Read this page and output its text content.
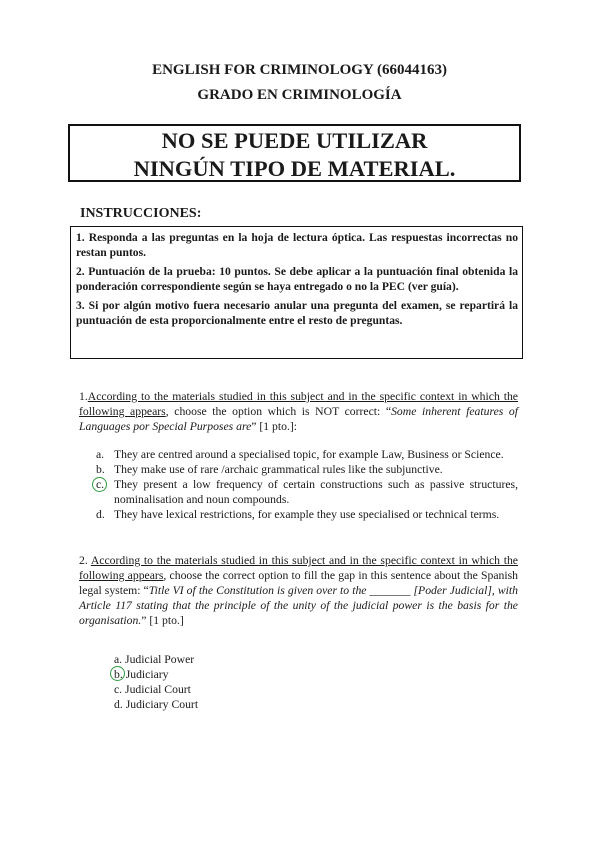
ENGLISH FOR CRIMINOLOGY (66044163)
GRADO EN CRIMINOLOGÍA
NO SE PUEDE UTILIZAR
NINGÚN TIPO DE MATERIAL.
INSTRUCCIONES:

1. Responda a las preguntas en la hoja de lectura óptica. Las respuestas incorrectas no restan puntos.

2. Puntuación de la prueba: 10 puntos. Se debe aplicar a la puntuación final obtenida la ponderación correspondiente según se haya entregado o no la PEC (ver guía).

3. Si por algún motivo fuera necesario anular una pregunta del examen, se repartirá la puntuación de esta proporcionalmente entre el resto de preguntas.

1.According to the materials studied in this subject and in the specific context in which the following appears, choose the option which is NOT correct: “Some inherent features of Languages por Special Purposes are” [1 pto.]:
a. They are centred around a specialised topic, for example Law, Business or Science.
b. They make use of rare /archaic grammatical rules like the subjunctive.
c. They present a low frequency of certain constructions such as passive structures, nominalisation and noun compounds.
d. They have lexical restrictions, for example they use specialised or technical terms.
2. According to the materials studied in this subject and in the specific context in which the following appears, choose the correct option to fill the gap in this sentence about the Spanish legal system: “Title VI of the Constitution is given over to the _______ [Poder Judicial], with Article 117 stating that the principle of the unity of the judicial power is the basis for the organisation.” [1 pto.]
a. Judicial Power
b. Judiciary
c. Judicial Court
d. Judiciary Court
